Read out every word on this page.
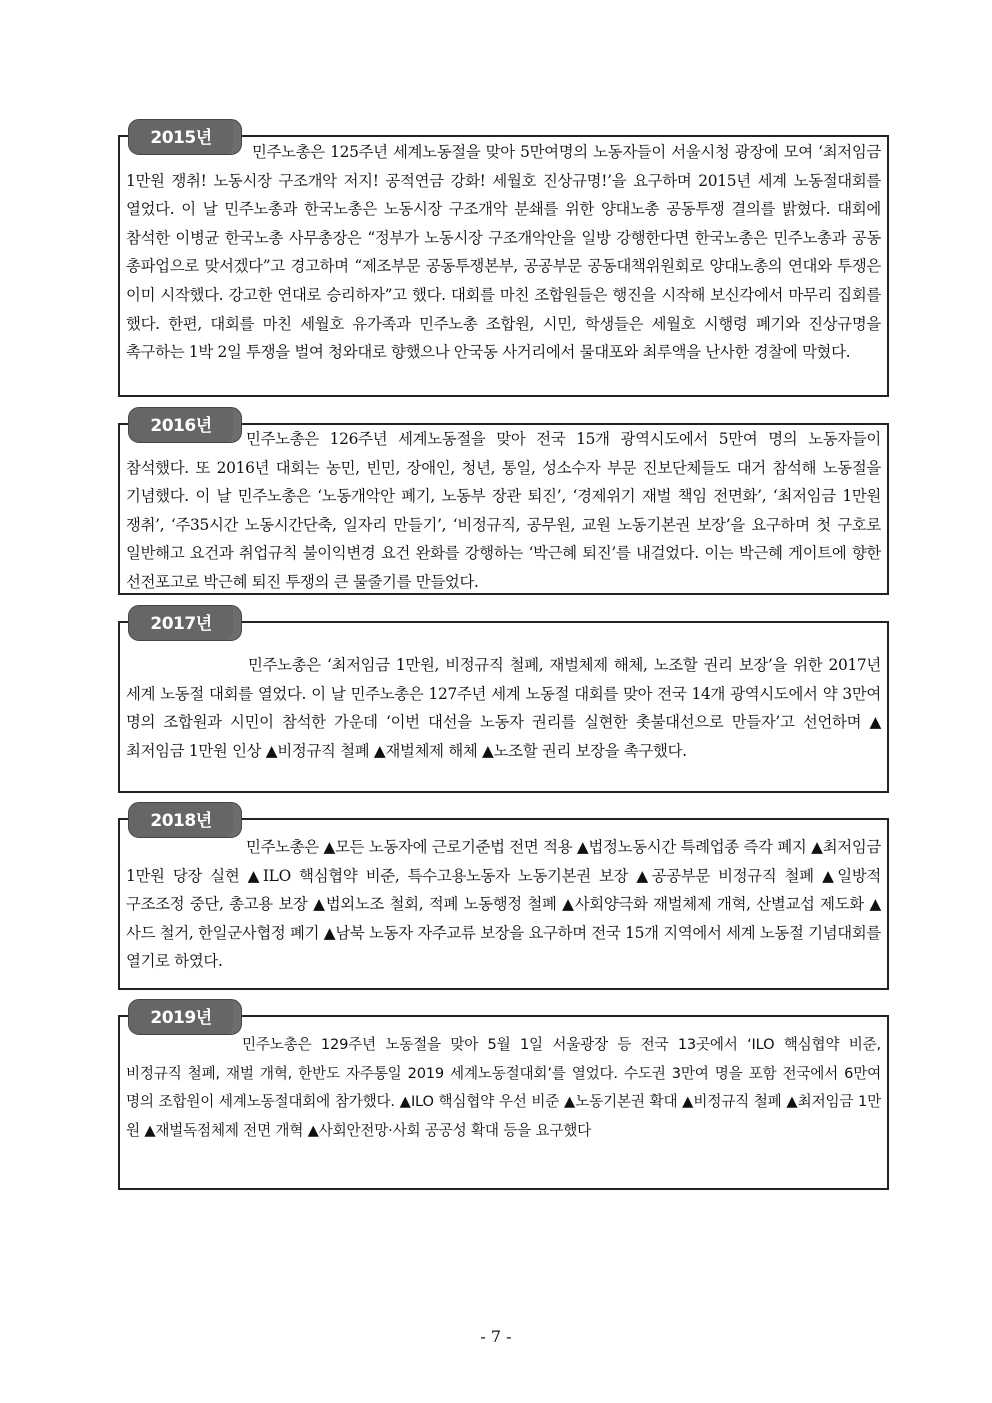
2015년
민주노총은 125주년 세계노동절을 맞아 5만여명의 노동자들이 서울시청 광장에 모여 ‘최저임금 1만원 쟁취! 노동시장 구조개악 저지! 공적연금 강화! 세월호 진상규명!’을 요구하며 2015년 세계 노동절대회를 열었다. 이 날 민주노총과 한국노총은 노동시장 구조개악 분쇄를 위한 양대노총 공동투쟁 결의를 밝혔다. 대회에 참석한 이병균 한국노총 사무총장은 “정부가 노동시장 구조개악안을 일방 강행한다면 한국노총은 민주노총과 공동 총파업으로 맞서겠다”고 경고하며 “제조부문 공동투쟁본부, 공공부문 공동대책위원회로 양대노총의 연대와 투쟁은 이미 시작했다. 강고한 연대로 승리하자”고 했다. 대회를 마친 조합원들은 행진을 시작해 보신각에서 마무리 집회를 했다. 한편, 대회를 마친 세월호 유가족과 민주노총 조합원, 시민, 학생들은 세월호 시행령 폐기와 진상규명을 촉구하는 1박 2일 투쟁을 벌여 청와대로 향했으나 안국동 사거리에서 물대포와 최루액을 난사한 경찰에 막혔다.
2016년
민주노총은 126주년 세계노동절을 맞아 전국 15개 광역시도에서 5만여 명의 노동자들이 참석했다. 또 2016년 대회는 농민, 빈민, 장애인, 청년, 통일, 성소수자 부문 진보단체들도 대거 참석해 노동절을 기념했다. 이 날 민주노총은 ‘노동개악안 폐기, 노동부 장관 퇴진’, ‘경제위기 재벌 책임 전면화’, ‘최저임금 1만원 쟁취’, ‘주35시간 노동시간단축, 일자리 만들기’, ‘비정규직, 공무원, 교원 노동기본권 보장’을 요구하며 첫 구호로 일반해고 요건과 취업규칙 불이익변경 요건 완화를 강행하는 ‘박근혜 퇴진’를 내걸었다. 이는 박근혜 게이트에 향한 선전포고로 박근혜 퇴진 투쟁의 큰 물줄기를 만들었다.
2017년
민주노총은 ‘최저임금 1만원, 비정규직 철폐, 재벌체제 해체, 노조할 권리 보장’을 위한 2017년 세계 노동절 대회를 열었다. 이 날 민주노총은 127주년 세계 노동절 대회를 맞아 전국 14개 광역시도에서 약 3만여 명의 조합원과 시민이 참석한 가운데 ‘이번 대선을 노동자 권리를 실현한 촛불대선으로 만들자’고 선언하며 ▲최저임금 1만원 인상 ▲비정규직 철폐 ▲재벌체제 해체 ▲노조할 권리 보장을 촉구했다.
2018년
민주노총은 ▲모든 노동자에 근로기준법 전면 적용 ▲법정노동시간 특례업종 즉각 폐지 ▲최저임금 1만원 당장 실현 ▲ILO 핵심협약 비준, 특수고용노동자 노동기본권 보장 ▲공공부문 비정규직 철폐 ▲일방적 구조조정 중단, 총고용 보장 ▲법외노조 철회, 적폐 노동행정 철폐 ▲사회양극화 재벌체제 개혁, 산별교섭 제도화 ▲사드 철거, 한일군사협정 폐기 ▲남북 노동자 자주교류 보장을 요구하며 전국 15개 지역에서 세계 노동절 기념대회를 열기로 하였다.
2019년
민주노총은 129주년 노동절을 맞아 5월 1일 서울광장 등 전국 13곳에서 ‘ILO 핵심협약 비준, 비정규직 철폐, 재벌 개혁, 한반도 자주통일 2019 세계노동절대회’를 열었다. 수도권 3만여 명을 포함 전국에서 6만여 명의 조합원이 세계노동절대회에 참가했다. ▲ILO 핵심협약 우선 비준 ▲노동기본권 확대 ▲비정규직 철폐 ▲최저임금 1만 원 ▲재벌독점체제 전면 개혁 ▲사회안전망·사회 공공성 확대 등을 요구했다
- 7 -
